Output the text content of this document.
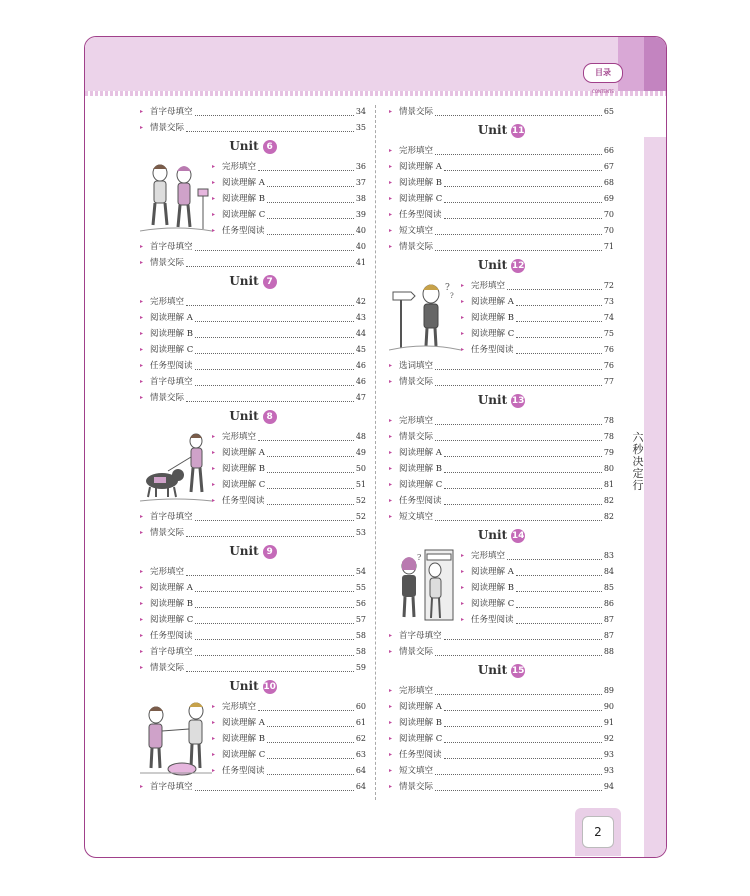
目录 CONTENTS
六
秒
决
定
行
2
▸ 首字母填空	34
▸ 情景交际	35
Unit 6
▸ 完形填空	36
▸ 阅读理解 A	37
▸ 阅读理解 B	38
▸ 阅读理解 C	39
▸ 任务型阅读	40
▸ 首字母填空	40
▸ 情景交际	41
Unit 7
▸ 完形填空	42
▸ 阅读理解 A	43
▸ 阅读理解 B	44
▸ 阅读理解 C	45
▸ 任务型阅读	46
▸ 首字母填空	46
▸ 情景交际	47
Unit 8
▸ 完形填空	48
▸ 阅读理解 A	49
▸ 阅读理解 B	50
▸ 阅读理解 C	51
▸ 任务型阅读	52
▸ 首字母填空	52
▸ 情景交际	53
Unit 9
▸ 完形填空	54
▸ 阅读理解 A	55
▸ 阅读理解 B	56
▸ 阅读理解 C	57
▸ 任务型阅读	58
▸ 首字母填空	58
▸ 情景交际	59
Unit 10
▸ 完形填空	60
▸ 阅读理解 A	61
▸ 阅读理解 B	62
▸ 阅读理解 C	63
▸ 任务型阅读	64
▸ 首字母填空	64
▸ 情景交际	65
Unit 11
▸ 完形填空	66
▸ 阅读理解 A	67
▸ 阅读理解 B	68
▸ 阅读理解 C	69
▸ 任务型阅读	70
▸ 短文填空	70
▸ 情景交际	71
Unit 12
?
?
▸ 完形填空	72
▸ 阅读理解 A	73
▸ 阅读理解 B	74
▸ 阅读理解 C	75
▸ 任务型阅读	76
▸ 选词填空	76
▸ 情景交际	77
Unit 13
▸ 完形填空	78
▸ 情景交际	78
▸ 阅读理解 A	79
▸ 阅读理解 B	80
▸ 阅读理解 C	81
▸ 任务型阅读	82
▸ 短文填空	82
Unit 14
?	▸ 完形填空	83
▸ 阅读理解 A	84
▸ 阅读理解 B	85
▸ 阅读理解 C	86
▸ 任务型阅读	87
▸ 首字母填空	87
▸ 情景交际	88
Unit 15
▸ 完形填空	89
▸ 阅读理解 A	90
▸ 阅读理解 B	91
▸ 阅读理解 C	92
▸ 任务型阅读	93
▸ 短文填空	93
▸ 情景交际	94
